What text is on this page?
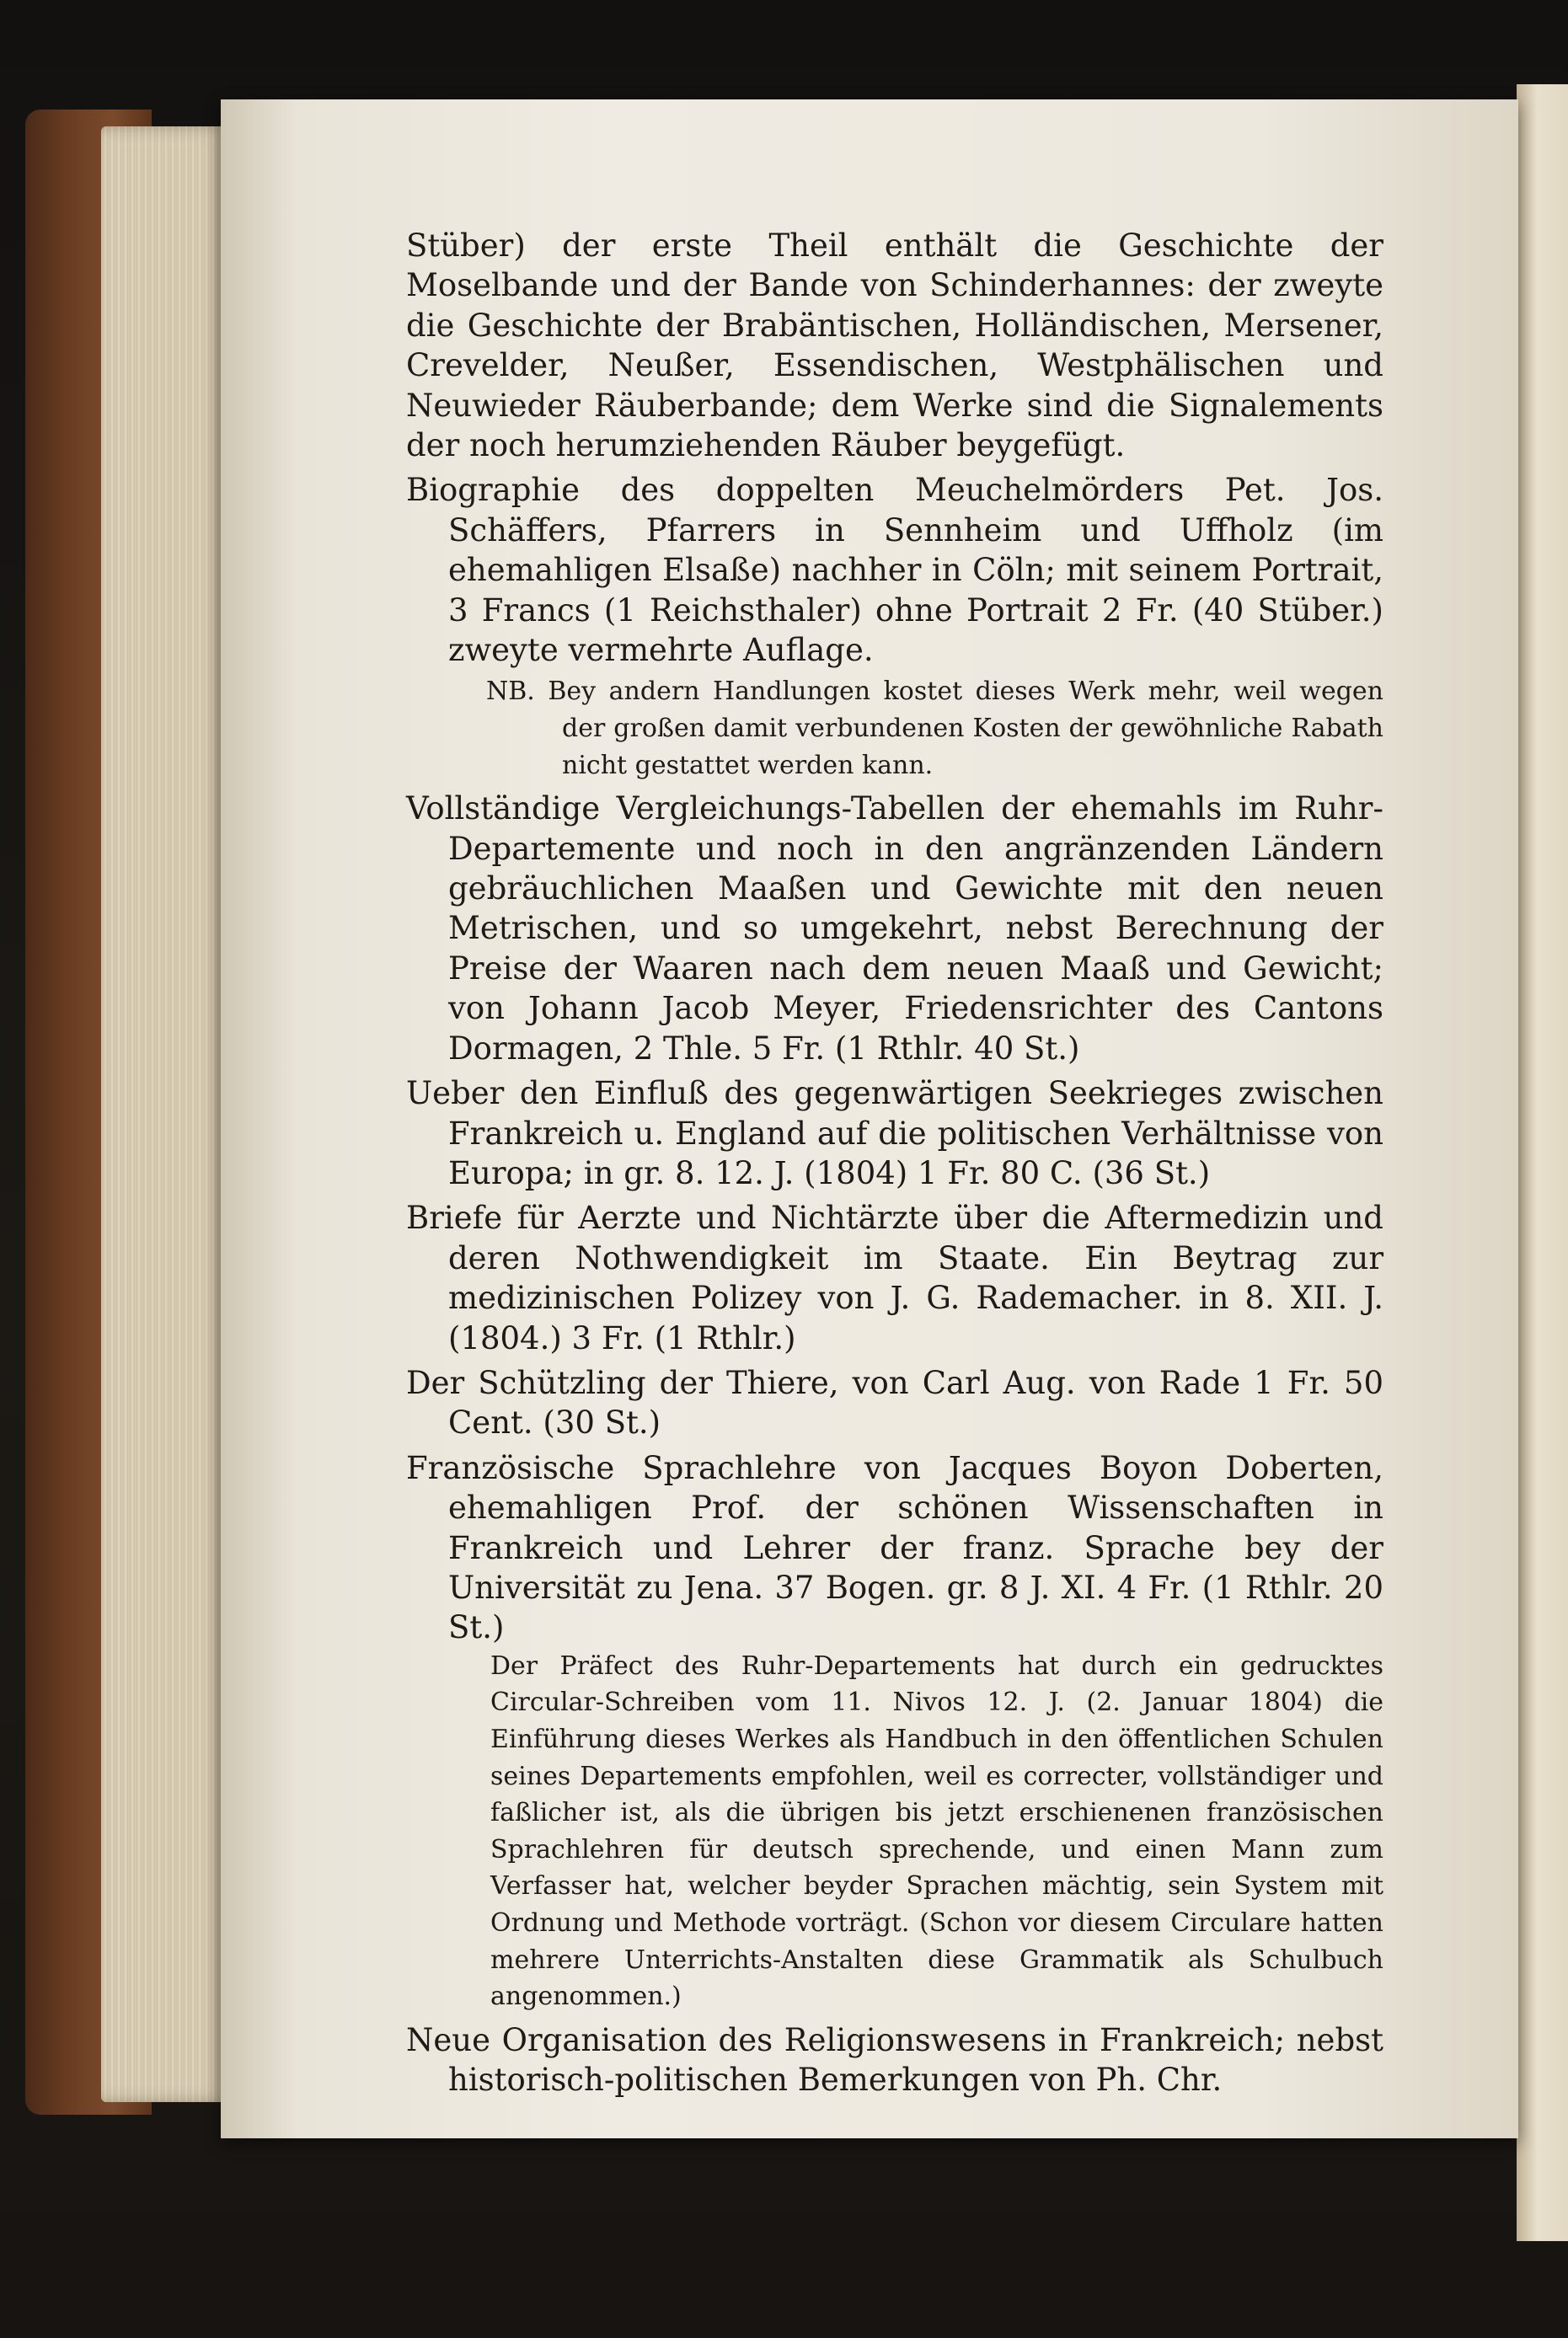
Stüber) der erste Theil enthält die Geschichte der Moselbande und der Bande von Schinderhannes: der zweyte die Geschichte der Brabäntischen, Holländischen, Mersener, Crevelder, Neußer, Essendischen, Westphälischen und Neuwieder Räuberbande; dem Werke sind die Signalements der noch herumziehenden Räuber beygefügt.

Biographie des doppelten Meuchelmörders Pet. Jos. Schäffers, Pfarrers in Sennheim und Uffholz (im ehemahligen Elsaße) nachher in Cöln; mit seinem Portrait, 3 Francs (1 Reichsthaler) ohne Portrait 2 Fr. (40 Stüber.) zweyte vermehrte Auflage.

NB. Bey andern Handlungen kostet dieses Werk mehr, weil wegen der großen damit verbundenen Kosten der gewöhnliche Rabath nicht gestattet werden kann.

Vollständige Vergleichungs-Tabellen der ehemahls im Ruhr-Departemente und noch in den angränzenden Ländern gebräuchlichen Maaßen und Gewichte mit den neuen Metrischen, und so umgekehrt, nebst Berechnung der Preise der Waaren nach dem neuen Maaß und Gewicht; von Johann Jacob Meyer, Friedensrichter des Cantons Dormagen, 2 Thle. 5 Fr. (1 Rthlr. 40 St.)

Ueber den Einfluß des gegenwärtigen Seekrieges zwischen Frankreich u. England auf die politischen Verhältnisse von Europa; in gr. 8. 12. J. (1804) 1 Fr. 80 C. (36 St.)

Briefe für Aerzte und Nichtärzte über die Aftermedizin und deren Nothwendigkeit im Staate. Ein Beytrag zur medizinischen Polizey von J. G. Rademacher. in 8. XII. J. (1804.) 3 Fr. (1 Rthlr.)

Der Schützling der Thiere, von Carl Aug. von Rade 1 Fr. 50 Cent. (30 St.)

Französische Sprachlehre von Jacques Boyon Doberten, ehemahligen Prof. der schönen Wissenschaften in Frankreich und Lehrer der franz. Sprache bey der Universität zu Jena. 37 Bogen. gr. 8 J. XI. 4 Fr. (1 Rthlr. 20 St.)

Der Präfect des Ruhr-Departements hat durch ein gedrucktes Circular-Schreiben vom 11. Nivos 12. J. (2. Januar 1804) die Einführung dieses Werkes als Handbuch in den öffentlichen Schulen seines Departements empfohlen, weil es correcter, vollständiger und faßlicher ist, als die übrigen bis jetzt erschienenen französischen Sprachlehren für deutsch sprechende, und einen Mann zum Verfasser hat, welcher beyder Sprachen mächtig, sein System mit Ordnung und Methode vorträgt. (Schon vor diesem Circulare hatten mehrere Unterrichts-Anstalten diese Grammatik als Schulbuch angenommen.)

Neue Organisation des Religionswesens in Frankreich; nebst historisch-politischen Bemerkungen von Ph. Chr.
